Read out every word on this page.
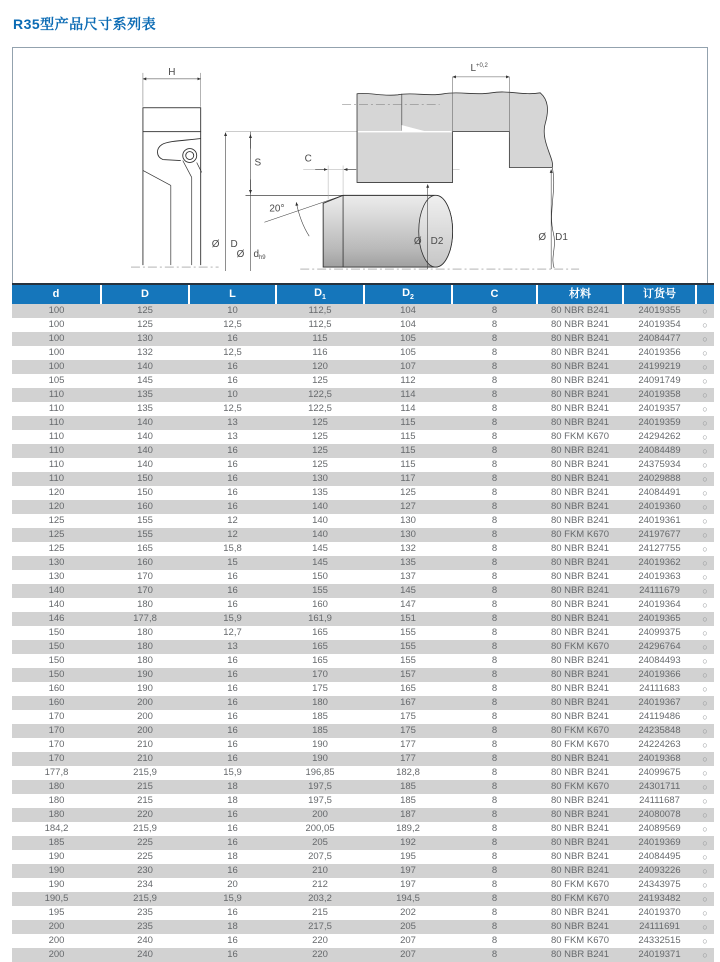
R35型产品尺寸系列表
H
Ø D
S
Ø $d_{h9}$
C
20°
$L^{+0,2}$
Ø D1
Ø D2
d	D	L	$D_1$	$D_2$	C	材料	订货号	
100	125	10	112,5	104	8	80 NBR B241	24019355	○
100	125	12,5	112,5	104	8	80 NBR B241	24019354	○
100	130	16	115	105	8	80 NBR B241	24084477	○
100	132	12,5	116	105	8	80 NBR B241	24019356	○
100	140	16	120	107	8	80 NBR B241	24199219	○
105	145	16	125	112	8	80 NBR B241	24091749	○
110	135	10	122,5	114	8	80 NBR B241	24019358	○
110	135	12,5	122,5	114	8	80 NBR B241	24019357	○
110	140	13	125	115	8	80 NBR B241	24019359	○
110	140	13	125	115	8	80 FKM K670	24294262	○
110	140	16	125	115	8	80 NBR B241	24084489	○
110	140	16	125	115	8	80 NBR B241	24375934	○
110	150	16	130	117	8	80 NBR B241	24029888	○
120	150	16	135	125	8	80 NBR B241	24084491	○
120	160	16	140	127	8	80 NBR B241	24019360	○
125	155	12	140	130	8	80 NBR B241	24019361	○
125	155	12	140	130	8	80 FKM K670	24197677	○
125	165	15,8	145	132	8	80 NBR B241	24127755	○
130	160	15	145	135	8	80 NBR B241	24019362	○
130	170	16	150	137	8	80 NBR B241	24019363	○
140	170	16	155	145	8	80 NBR B241	24111679	○
140	180	16	160	147	8	80 NBR B241	24019364	○
146	177,8	15,9	161,9	151	8	80 NBR B241	24019365	○
150	180	12,7	165	155	8	80 NBR B241	24099375	○
150	180	13	165	155	8	80 FKM K670	24296764	○
150	180	16	165	155	8	80 NBR B241	24084493	○
150	190	16	170	157	8	80 NBR B241	24019366	○
160	190	16	175	165	8	80 NBR B241	24111683	○
160	200	16	180	167	8	80 NBR B241	24019367	○
170	200	16	185	175	8	80 NBR B241	24119486	○
170	200	16	185	175	8	80 FKM K670	24235848	○
170	210	16	190	177	8	80 FKM K670	24224263	○
170	210	16	190	177	8	80 NBR B241	24019368	○
177,8	215,9	15,9	196,85	182,8	8	80 NBR B241	24099675	○
180	215	18	197,5	185	8	80 FKM K670	24301711	○
180	215	18	197,5	185	8	80 NBR B241	24111687	○
180	220	16	200	187	8	80 NBR B241	24080078	○
184,2	215,9	16	200,05	189,2	8	80 NBR B241	24089569	○
185	225	16	205	192	8	80 NBR B241	24019369	○
190	225	18	207,5	195	8	80 NBR B241	24084495	○
190	230	16	210	197	8	80 NBR B241	24093226	○
190	234	20	212	197	8	80 FKM K670	24343975	○
190,5	215,9	15,9	203,2	194,5	8	80 FKM K670	24193482	○
195	235	16	215	202	8	80 NBR B241	24019370	○
200	235	18	217,5	205	8	80 NBR B241	24111691	○
200	240	16	220	207	8	80 FKM K670	24332515	○
200	240	16	220	207	8	80 NBR B241	24019371	○
